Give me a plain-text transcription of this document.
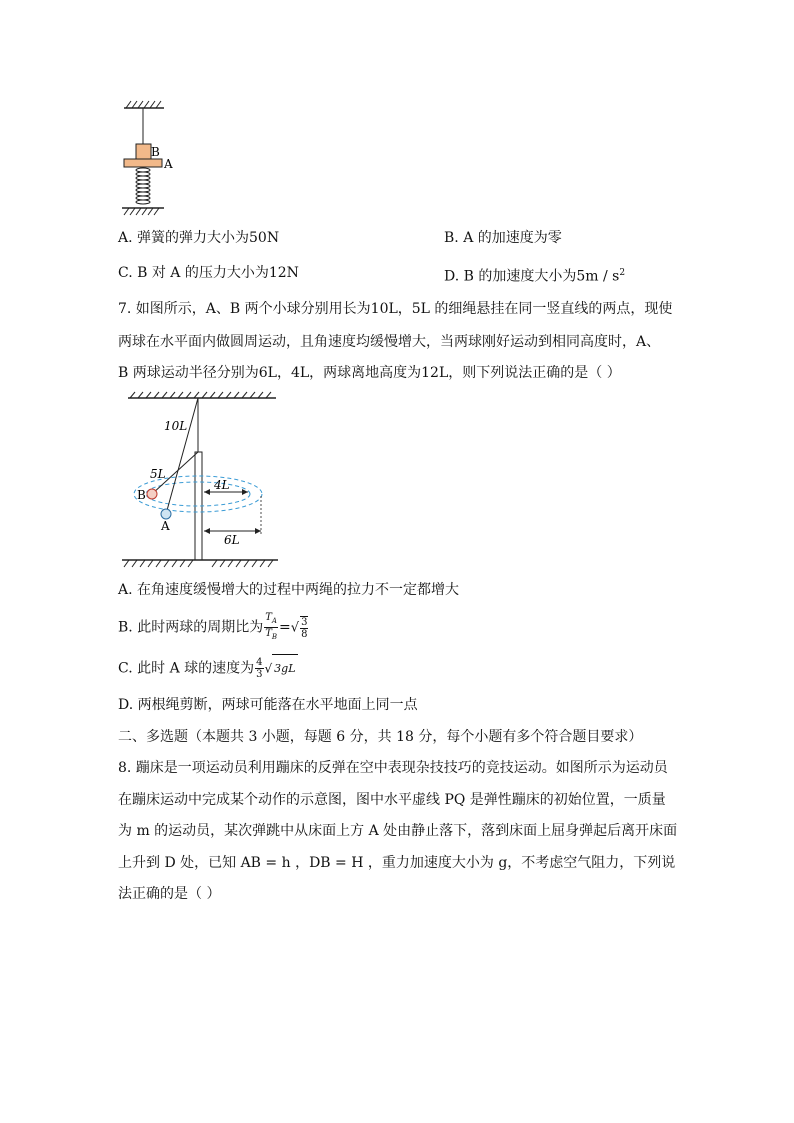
B
A
A. 弹簧的弹力大小为50N	B. A 的加速度为零
C. B 对 A 的压力大小为12N	D. B 的加速度大小为$5m / s^2$
7. 如图所示，A、B 两个小球分别用长为10L，5L 的细绳悬挂在同一竖直线的两点，现使
两球在水平面内做圆周运动，且角速度均缓慢增大，当两球刚好运动到相同高度时，A、
B 两球运动半径分别为6L，4L，两球离地高度为12L，则下列说法正确的是（ ）
10L
5L
4L
6L
B
A
A. 在角速度缓慢增大的过程中两绳的拉力不一定都增大
B. 此时两球的周期比为 $\frac{T_A}{T_B}$ =√ $\frac{3}{8}$
C. 此时 A 球的速度为 $\frac{4}{3}$ √ 3gL
D. 两根绳剪断，两球可能落在水平地面上同一点
二、多选题（本题共 3 小题，每题 6 分，共 18 分，每个小题有多个符合题目要求）
8. 蹦床是一项运动员利用蹦床的反弹在空中表现杂技技巧的竞技运动。如图所示为运动员
在蹦床运动中完成某个动作的示意图，图中水平虚线 PQ 是弹性蹦床的初始位置，一质量
为 m 的运动员，某次弹跳中从床面上方 A 处由静止落下，落到床面上屈身弹起后离开床面
上升到 D 处，已知 AB = h ，DB = H ，重力加速度大小为 g，不考虑空气阻力，下列说
法正确的是（ ）
